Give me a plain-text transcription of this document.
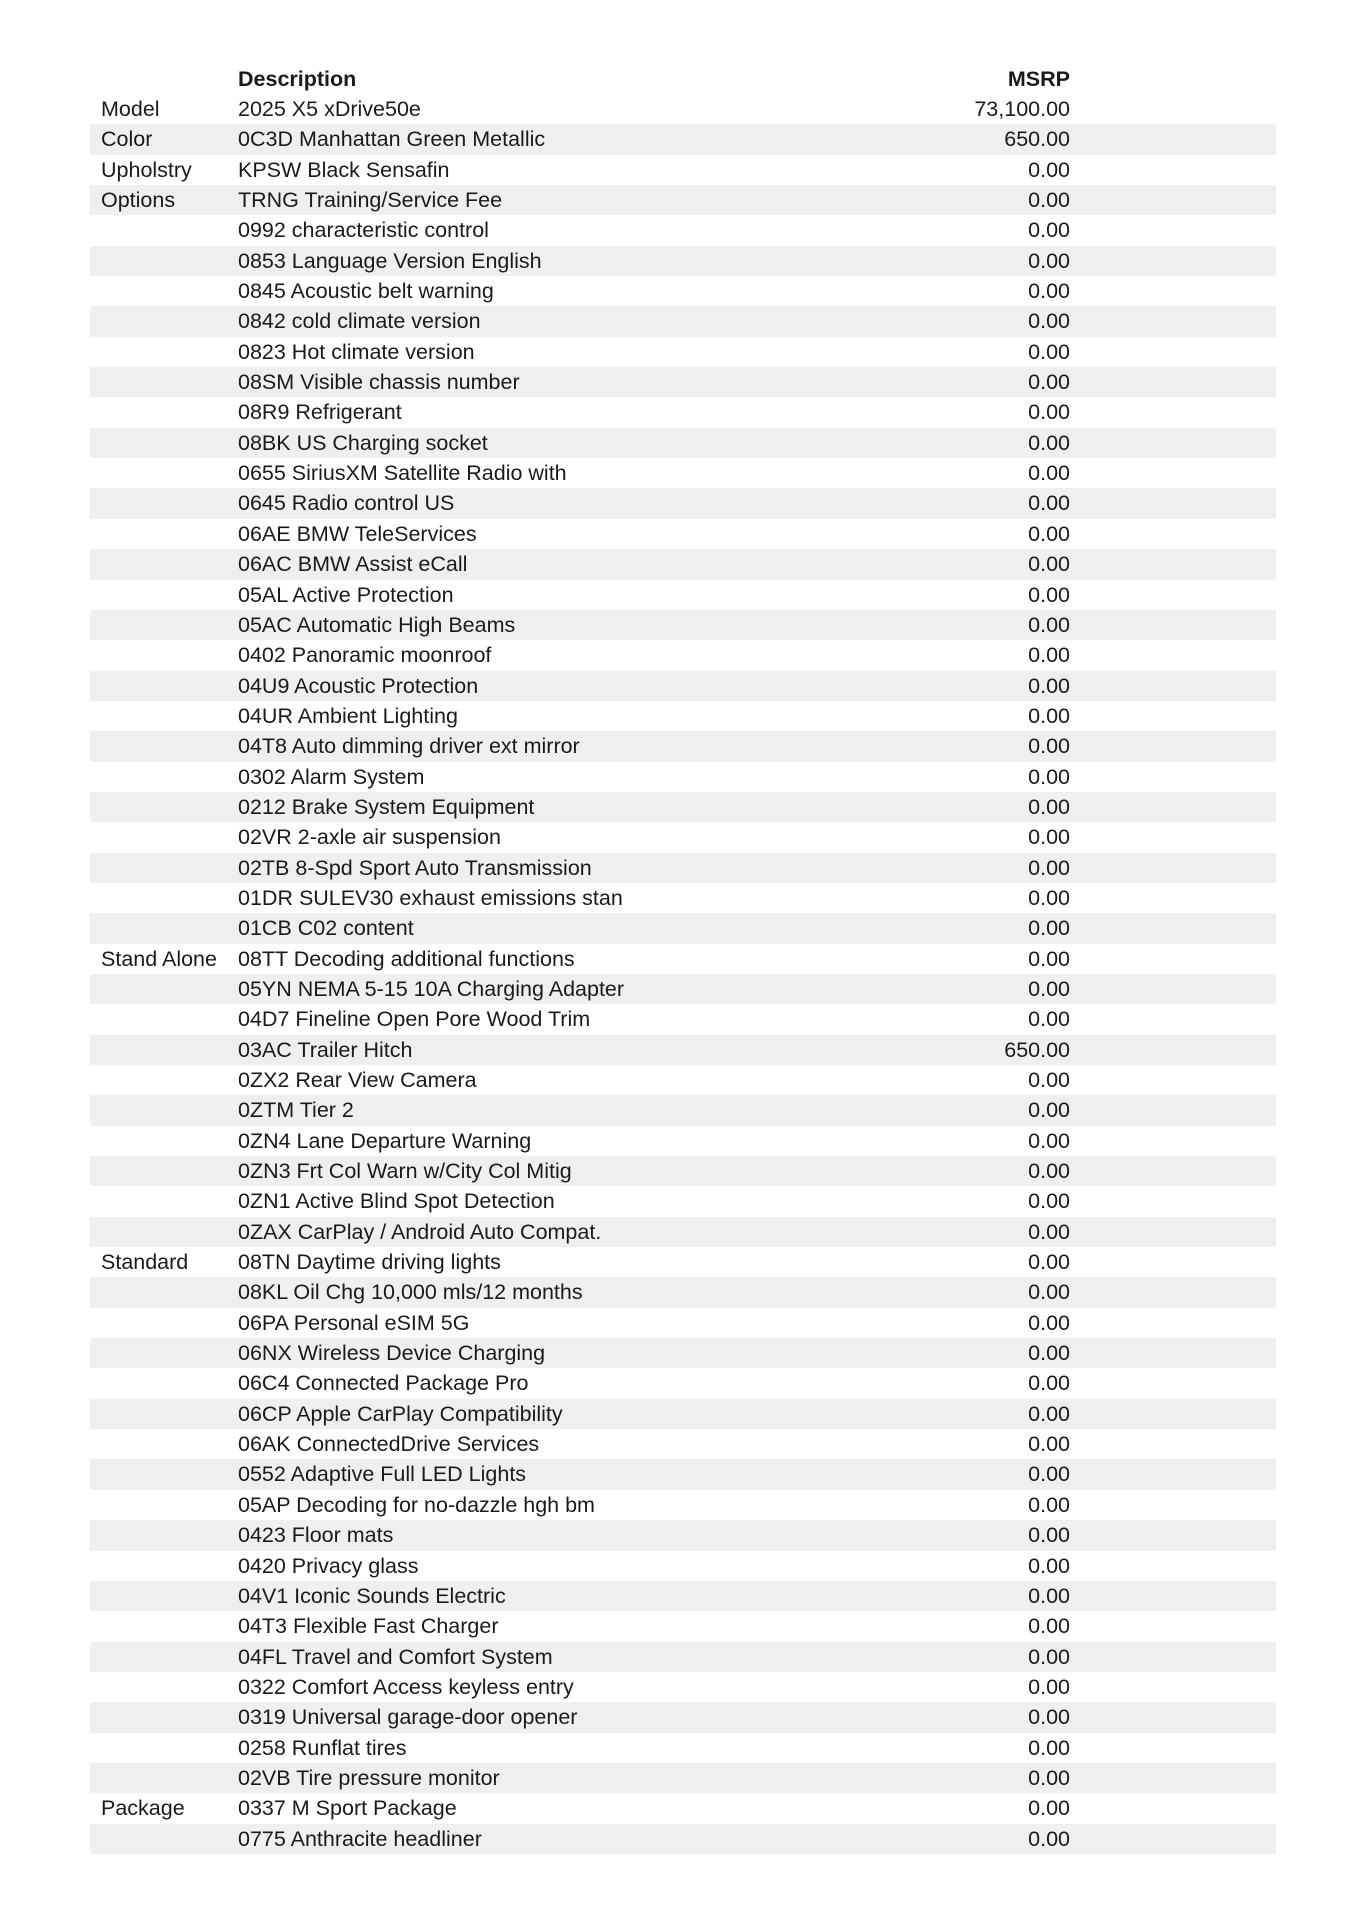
Description	MSRP
Model	2025 X5 xDrive50e	73,100.00
Color	0C3D Manhattan Green Metallic	650.00
Upholstry KPSW Black Sensafin	0.00
Options	TRNG Training/Service Fee	0.00
0992 characteristic control	0.00
0853 Language Version English	0.00
0845 Acoustic belt warning	0.00
0842 cold climate version	0.00
0823 Hot climate version	0.00
08SM Visible chassis number	0.00
08R9 Refrigerant	0.00
08BK US Charging socket	0.00
0655 SiriusXM Satellite Radio with	0.00
0645 Radio control US	0.00
06AE BMW TeleServices	0.00
06AC BMW Assist eCall	0.00
05AL Active Protection	0.00
05AC Automatic High Beams	0.00
0402 Panoramic moonroof	0.00
04U9 Acoustic Protection	0.00
04UR Ambient Lighting	0.00
04T8 Auto dimming driver ext mirror	0.00
0302 Alarm System	0.00
0212 Brake System Equipment	0.00
02VR 2-axle air suspension	0.00
02TB 8-Spd Sport Auto Transmission	0.00
01DR SULEV30 exhaust emissions stan	0.00
01CB C02 content	0.00
Stand Alone 08TT Decoding additional functions	0.00
05YN NEMA 5-15 10A Charging Adapter	0.00
04D7 Fineline Open Pore Wood Trim	0.00
03AC Trailer Hitch	650.00
0ZX2 Rear View Camera	0.00
0ZTM Tier 2	0.00
0ZN4 Lane Departure Warning	0.00
0ZN3 Frt Col Warn w/City Col Mitig	0.00
0ZN1 Active Blind Spot Detection	0.00
0ZAX CarPlay / Android Auto Compat.	0.00
Standard 08TN Daytime driving lights	0.00
08KL Oil Chg 10,000 mls/12 months	0.00
06PA Personal eSIM 5G	0.00
06NX Wireless Device Charging	0.00
06C4 Connected Package Pro	0.00
06CP Apple CarPlay Compatibility	0.00
06AK ConnectedDrive Services	0.00
0552 Adaptive Full LED Lights	0.00
05AP Decoding for no-dazzle hgh bm	0.00
0423 Floor mats	0.00
0420 Privacy glass	0.00
04V1 Iconic Sounds Electric	0.00
04T3 Flexible Fast Charger	0.00
04FL Travel and Comfort System	0.00
0322 Comfort Access keyless entry	0.00
0319 Universal garage-door opener	0.00
0258 Runflat tires	0.00
02VB Tire pressure monitor	0.00
Package 0337 M Sport Package	0.00
0775 Anthracite headliner	0.00
